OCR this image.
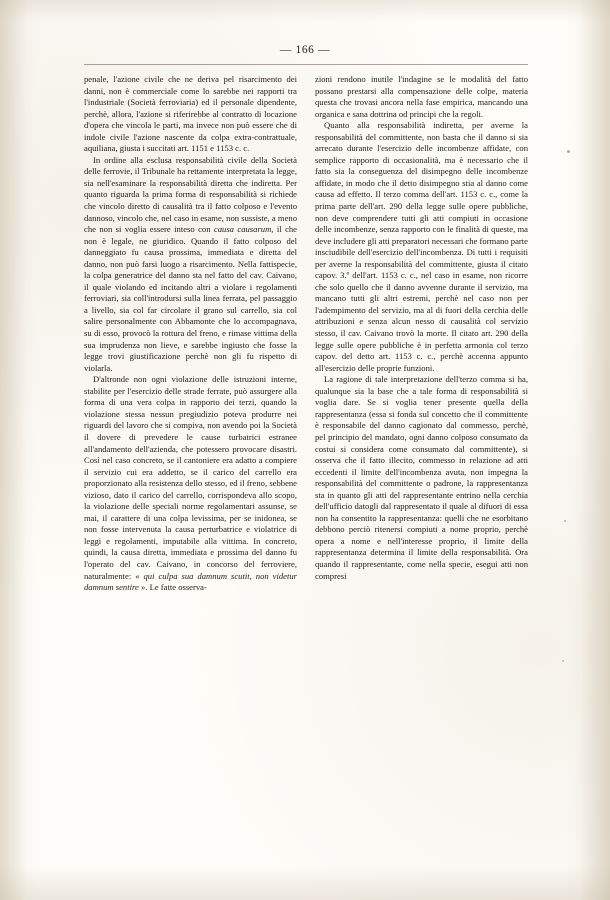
— 166 —

penale, l'azione civile che ne deriva pel risarcimento dei danni, non è commerciale come lo sarebbe nei rapporti tra l'industriale (Società ferroviaria) ed il personale dipendente, perchè, allora, l'azione si riferirebbe al contratto di locazione d'opera che vincola le parti, ma invece non può essere che di indole civile l'azione nascente da colpa extra-contrattuale, aquiliana, giusta i succitati art. 1151 e 1153 c. c.

In ordine alla esclusa responsabilità civile della Società delle ferrovie, il Tribunale ha rettamente interpretata la legge, sia nell'esaminare la responsabilità diretta che indiretta. Per quanto riguarda la prima forma di responsabilità si richiede che vincolo diretto di causalità tra il fatto colposo e l'evento dannoso, vincolo che, nel caso in esame, non sussiste, a meno che non si voglia essere inteso con causa causarum, il che non è legale, ne giuridico. Quando il fatto colposo del danneggiato fu causa prossima, immediata e diretta del danno, non può farsi luogo a risarcimento. Nella fattispecie, la colpa generatrice del danno sta nel fatto del cav. Caivano, il quale violando ed incitando altri a violare i regolamenti ferroviari, sia coll'introdursi sulla linea ferrata, pel passaggio a livello, sia col far circolare il grano sul carrello, sia col salire personalmente con Abbamonte che lo accompagnava, su di esso, provocò la rottura del freno, e rimase vittima della sua imprudenza non lieve, e sarebbe ingiusto che fosse la legge trovi giustificazione perchè non gli fu rispetto di violarla.

D'altronde non ogni violazione delle istruzioni interne, stabilite per l'esercizio delle strade ferrate, può assurgere alla forma di una vera colpa in rapporto dei terzi, quando la violazione stessa nessun pregiudizio poteva produrre nei riguardi del lavoro che si compiva, non avendo poi la Società il dovere di prevedere le cause turbatrici estranee all'andamento dell'azienda, che potessero provocare disastri. Così nel caso concreto, se il cantoniere era adatto a compiere il servizio cui era addetto, se il carico del carrello era proporzionato alla resistenza dello stesso, ed il freno, sebbene vizioso, dato il carico del carrello, corrispondeva allo scopo, la violazione delle speciali norme regolamentari assunse, se mai, il carattere di una colpa levissima, per se inidonea, se non fosse intervenuta la causa perturbatrice e violatrice di leggi e regolamenti, imputabile alla vittima. In concreto, quindi, la causa diretta, immediata e prossima del danno fu l'operato del cav. Caivano, in concorso del ferroviere, naturalmente: « qui culpa sua damnum scutit, non videtur damnum sentire ». Le fatte osserva-

zioni rendono inutile l'indagine se le modalità del fatto possano prestarsi alla compensazione delle colpe, materia questa che trovasi ancora nella fase empirica, mancando una organica e sana dottrina od principi che la regoli.

Quanto alla responsabilità indiretta, per averne la responsabilità del committente, non basta che il danno si sia arrecato durante l'esercizio delle incombenze affidate, con semplice rapporto di occasionalità, ma è necessario che il fatto sia la conseguenza del disimpegno delle incombenze affidate, in modo che il detto disimpegno stia al danno come causa ad effetto. Il terzo comma dell'art. 1153 c. c., come la prima parte dell'art. 290 della legge sulle opere pubbliche, non deve comprendere tutti gli atti compiuti in occasione delle incombenze, senza rapporto con le finalità di queste, ma deve includere gli atti preparatori necessari che formano parte insciudibile dell'esercizio dell'incombenza. Di tutti i requisiti per averne la responsabilità del committente, giusta il citato capov. 3.º dell'art. 1153 c. c., nel caso in esame, non ricorre che solo quello che il danno avvenne durante il servizio, ma mancano tutti gli altri estremi, perchè nel caso non per l'adempimento del servizio, ma al di fuori della cerchia delle attribuzioni e senza alcun nesso di causalità col servizio stesso, il cav. Caivano trovò la morte. Il citato art. 290 della legge sulle opere pubbliche è in perfetta armonia col terzo capov. del detto art. 1153 c. c., perchè accenna appunto all'esercizio delle proprie funzioni.

La ragione di tale interpretazione dell'terzo comma si ha, qualunque sia la base che a tale forma di responsabilità si voglia dare. Se si voglia tener presente quella della rappresentanza (essa si fonda sul concetto che il committente è responsabile del danno cagionato dal commesso, perchè, pel principio del mandato, ogni danno colposo consumato da costui si considera come consumato dal committente), si osserva che il fatto illecito, commesso in relazione ad atti eccedenti il limite dell'incombenza avuta, non impegna la responsabilità del committente o padrone, la rappresentanza sta in quanto gli atti del rappresentante entrino nella cerchia dell'ufficio datogli dal rappresentato il quale al difuori di essa non ha consentito la rappresentanza: quelli che ne esorbitano debbono perciò ritenersi compiuti a nome proprio, perchè opera a nome e nell'interesse proprio, il limite della rappresentanza determina il limite della responsabilità. Ora quando il rappresentante, come nella specie, esegui atti non compresi
